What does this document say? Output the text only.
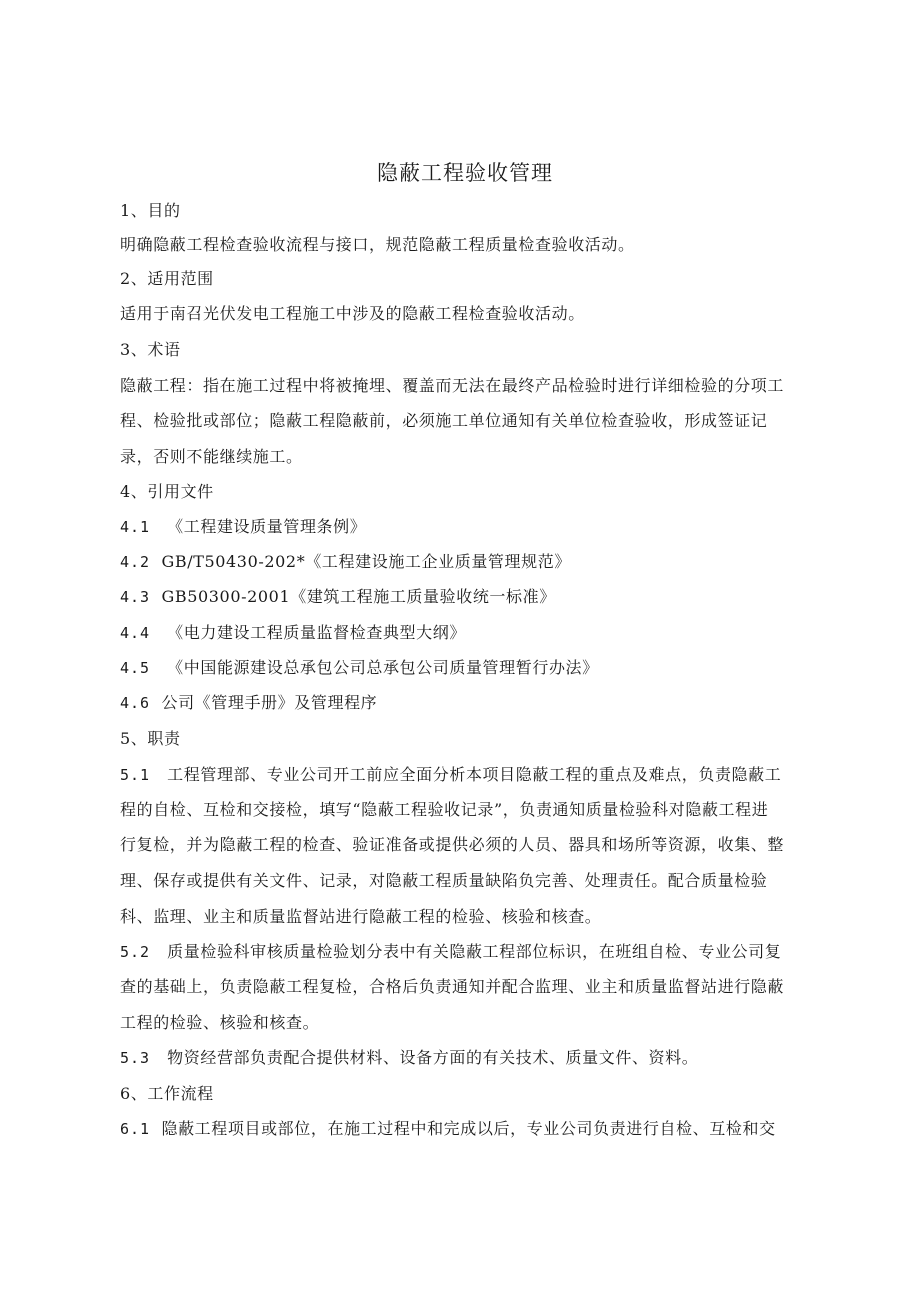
隐蔽工程验收管理
1、目的
明确隐蔽工程检查验收流程与接口，规范隐蔽工程质量检查验收活动。
2、适用范围
适用于南召光伏发电工程施工中涉及的隐蔽工程检查验收活动。
3、术语
隐蔽工程：指在施工过程中将被掩埋、覆盖而无法在最终产品检验时进行详细检验的分项工
程、检验批或部位；隐蔽工程隐蔽前，必须施工单位通知有关单位检查验收，形成签证记
录，否则不能继续施工。
4、引用文件
4.1 《工程建设质量管理条例》
4.2 GB/T50430-202*《工程建设施工企业质量管理规范》
4.3 GB50300-2001《建筑工程施工质量验收统一标准》
4.4 《电力建设工程质量监督检查典型大纲》
4.5 《中国能源建设总承包公司总承包公司质量管理暂行办法》
4.6 公司《管理手册》及管理程序
5、职责
5.1 工程管理部、专业公司开工前应全面分析本项目隐蔽工程的重点及难点，负责隐蔽工
程的自检、互检和交接检，填写“隐蔽工程验收记录”，负责通知质量检验科对隐蔽工程进
行复检，并为隐蔽工程的检查、验证准备或提供必须的人员、器具和场所等资源，收集、整
理、保存或提供有关文件、记录，对隐蔽工程质量缺陷负完善、处理责任。配合质量检验
科、监理、业主和质量监督站进行隐蔽工程的检验、核验和核查。
5.2 质量检验科审核质量检验划分表中有关隐蔽工程部位标识，在班组自检、专业公司复
查的基础上，负责隐蔽工程复检，合格后负责通知并配合监理、业主和质量监督站进行隐蔽
工程的检验、核验和核查。
5.3 物资经营部负责配合提供材料、设备方面的有关技术、质量文件、资料。
6、工作流程
6.1 隐蔽工程项目或部位，在施工过程中和完成以后，专业公司负责进行自检、互检和交
